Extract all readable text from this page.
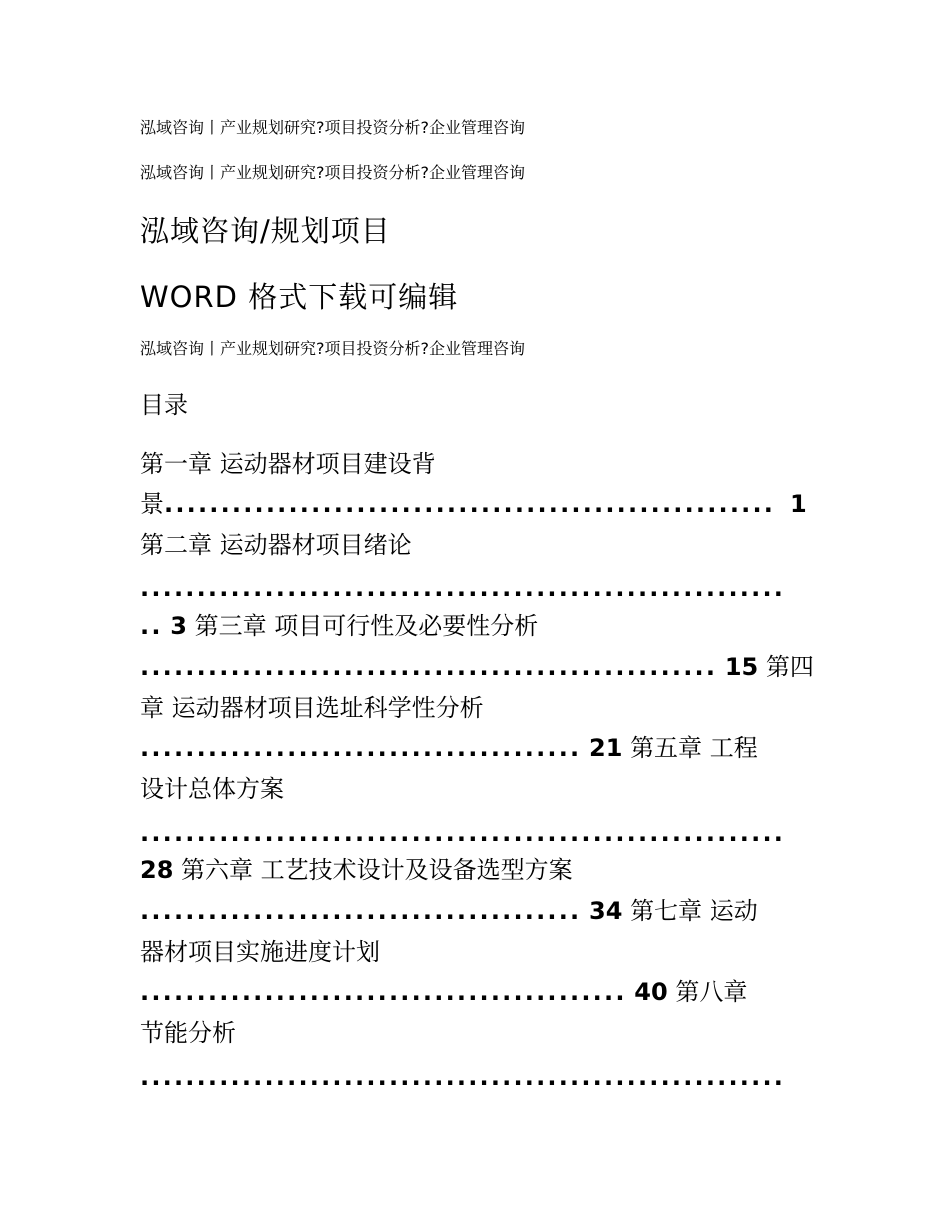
泓域咨询丨产业规划研究?项目投资分析?企业管理咨询
泓域咨询丨产业规划研究?项目投资分析?企业管理咨询
泓域咨询/规划项目
WORD 格式下载可编辑
泓域咨询丨产业规划研究?项目投资分析?企业管理咨询
目录
第一章 运动器材项目建设背
景...................................................... 1
第二章 运动器材项目绪论
.........................................................
.. 3 第三章 项目可行性及必要性分析
................................................... 15 第四
章 运动器材项目选址科学性分析
....................................... 21 第五章 工程
设计总体方案
.........................................................
28 第六章 工艺技术设计及设备选型方案
....................................... 34 第七章 运动
器材项目实施进度计划
........................................... 40 第八章
节能分析
.........................................................
